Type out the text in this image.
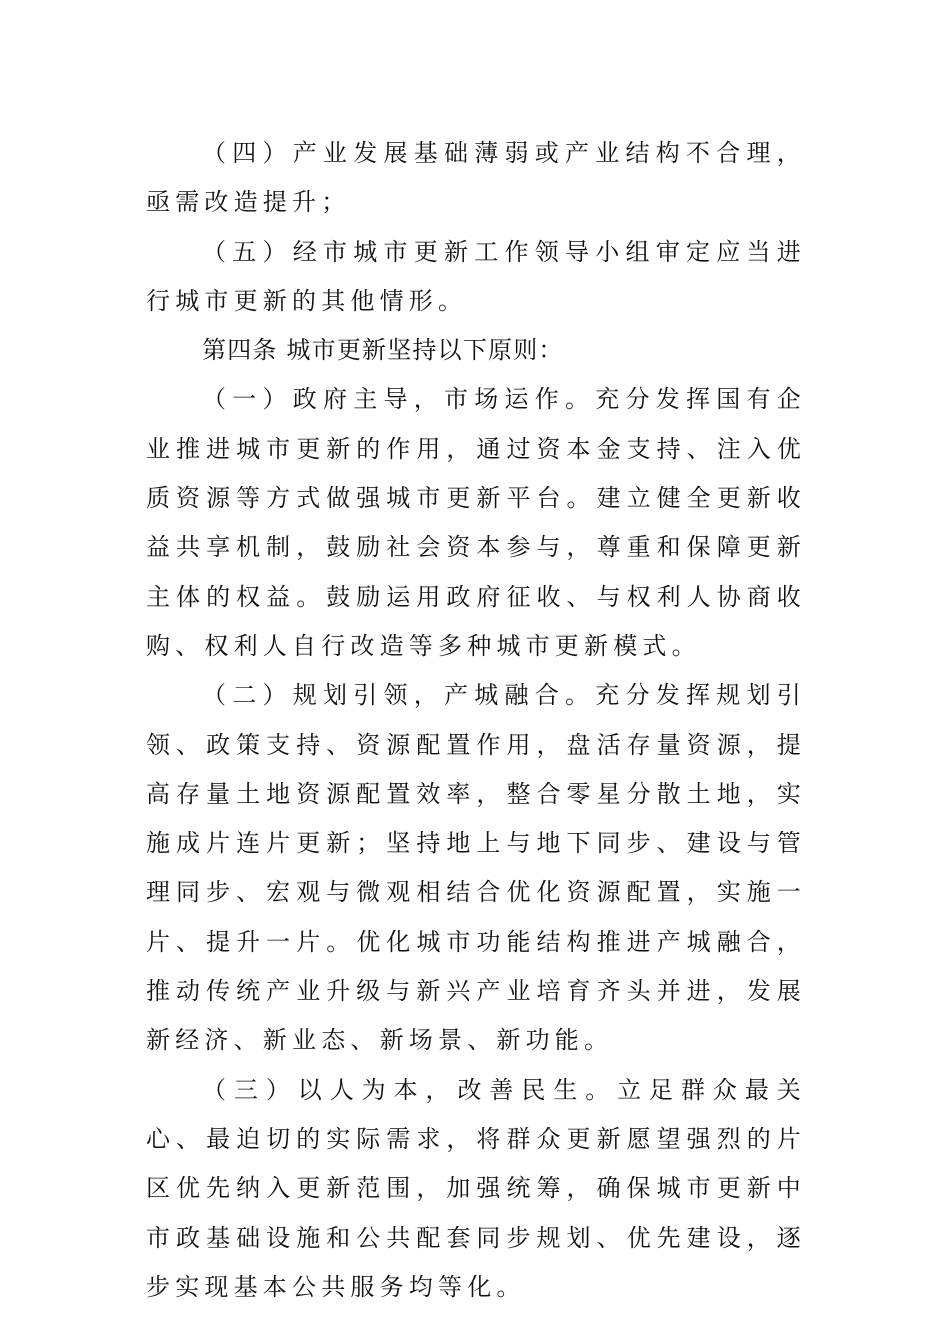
（四）产业发展基础薄弱或产业结构不合理，亟需改造提升；

（五）经市城市更新工作领导小组审定应当进行城市更新的其他情形。

第四条 城市更新坚持以下原则：

（一）政府主导，市场运作。充分发挥国有企业推进城市更新的作用，通过资本金支持、注入优质资源等方式做强城市更新平台。建立健全更新收益共享机制，鼓励社会资本参与，尊重和保障更新主体的权益。鼓励运用政府征收、与权利人协商收购、权利人自行改造等多种城市更新模式。

（二）规划引领，产城融合。充分发挥规划引领、政策支持、资源配置作用，盘活存量资源，提高存量土地资源配置效率，整合零星分散土地，实施成片连片更新；坚持地上与地下同步、建设与管理同步、宏观与微观相结合优化资源配置，实施一片、提升一片。优化城市功能结构推进产城融合，推动传统产业升级与新兴产业培育齐头并进，发展新经济、新业态、新场景、新功能。

（三）以人为本，改善民生。立足群众最关心、最迫切的实际需求，将群众更新愿望强烈的片区优先纳入更新范围，加强统筹，确保城市更新中市政基础设施和公共配套同步规划、优先建设，逐步实现基本公共服务均等化。
